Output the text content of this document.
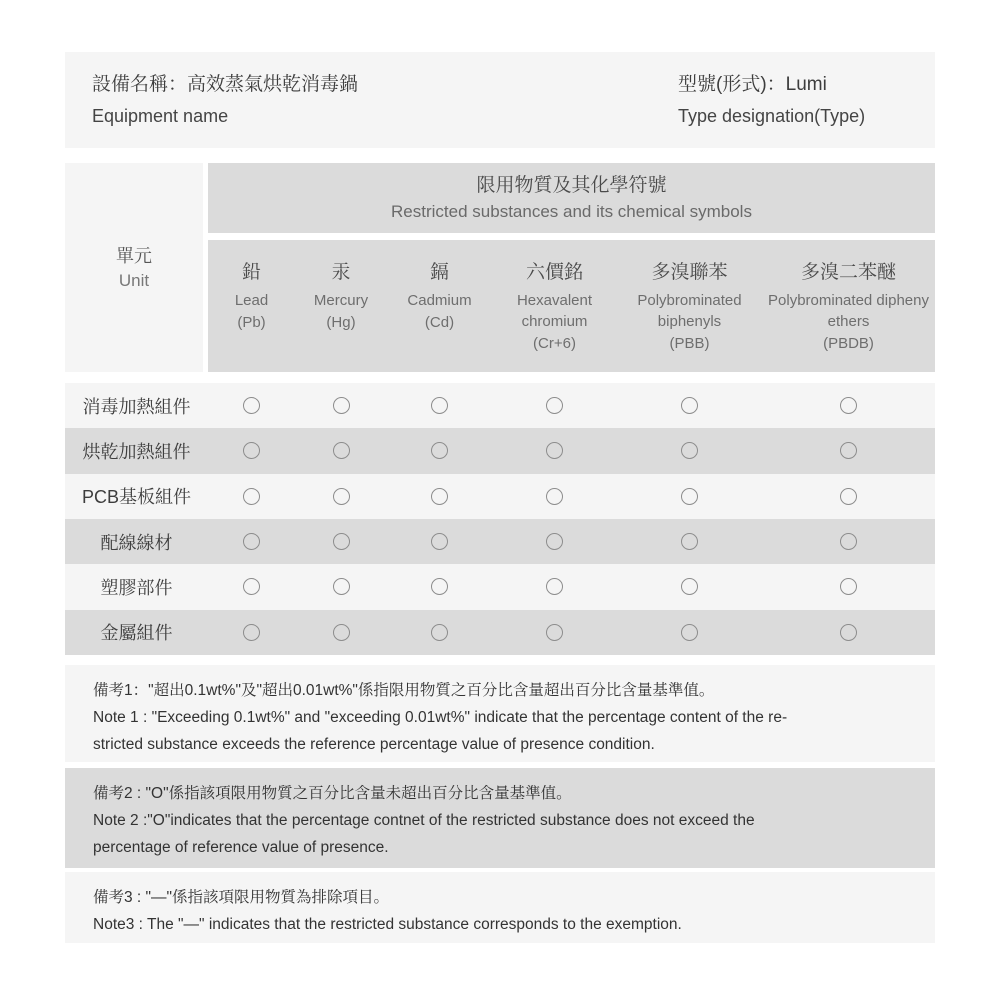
設備名稱：高效蒸氣烘乾消毒鍋
Equipment name
型號(形式)：Lumi
Type designation(Type)
單元
Unit
限用物質及其化學符號
Restricted substances and its chemical symbols
鉛
Lead
(Pb)
汞
Mercury
(Hg)
鎘
Cadmium
(Cd)
六價銘
Hexavalent chromium
(Cr+6)
多溴聯苯
Polybrominated biphenyls
(PBB)
多溴二苯醚
Polybrominated dipheny ethers
(PBDB)
消毒加熱組件
烘乾加熱組件
PCB基板組件
配線線材
塑膠部件
金屬組件
備考1："超出0.1wt%"及"超出0.01wt%"係指限用物質之百分比含量超出百分比含量基準值。
Note 1 : "Exceeding 0.1wt%" and "exceeding 0.01wt%" indicate that the percentage content of the re-
stricted substance exceeds the reference percentage value of presence condition.
備考2 : "O"係指該項限用物質之百分比含量未超出百分比含量基準值。
Note 2 :"O"indicates that the percentage contnet of the restricted substance does not exceed the
percentage of reference value of presence.
備考3 : "—"係指該項限用物質為排除項目。
Note3 : The "—" indicates that the restricted substance corresponds to the exemption.
